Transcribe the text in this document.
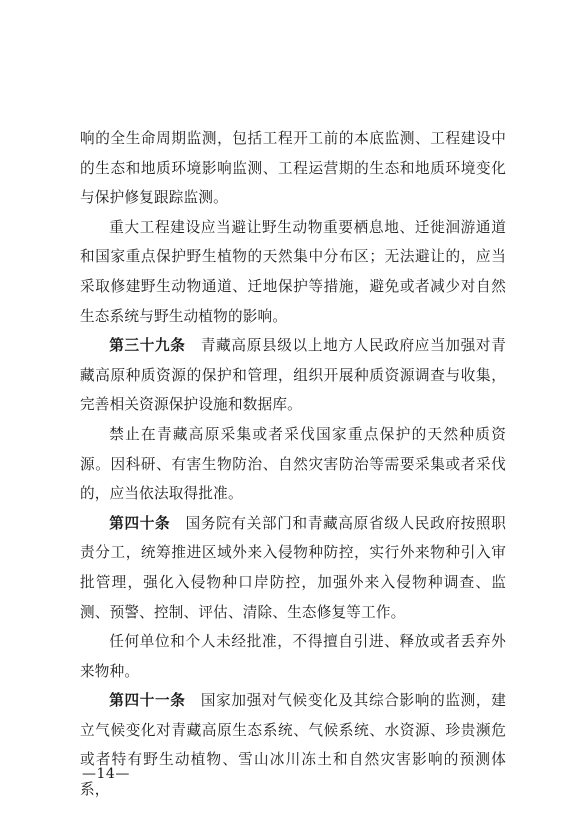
响的全生命周期监测，包括工程开工前的本底监测、工程建设中的生态和地质环境影响监测、工程运营期的生态和地质环境变化与保护修复跟踪监测。

重大工程建设应当避让野生动物重要栖息地、迁徙洄游通道和国家重点保护野生植物的天然集中分布区；无法避让的，应当采取修建野生动物通道、迁地保护等措施，避免或者减少对自然生态系统与野生动植物的影响。

第三十九条　青藏高原县级以上地方人民政府应当加强对青藏高原种质资源的保护和管理，组织开展种质资源调查与收集，完善相关资源保护设施和数据库。

禁止在青藏高原采集或者采伐国家重点保护的天然种质资源。因科研、有害生物防治、自然灾害防治等需要采集或者采伐的，应当依法取得批准。

第四十条　国务院有关部门和青藏高原省级人民政府按照职责分工，统筹推进区域外来入侵物种防控，实行外来物种引入审批管理，强化入侵物种口岸防控，加强外来入侵物种调查、监测、预警、控制、评估、清除、生态修复等工作。

任何单位和个人未经批准，不得擅自引进、释放或者丢弃外来物种。

第四十一条　国家加强对气候变化及其综合影响的监测，建立气候变化对青藏高原生态系统、气候系统、水资源、珍贵濒危或者特有野生动植物、雪山冰川冻土和自然灾害影响的预测体系，

—14—
